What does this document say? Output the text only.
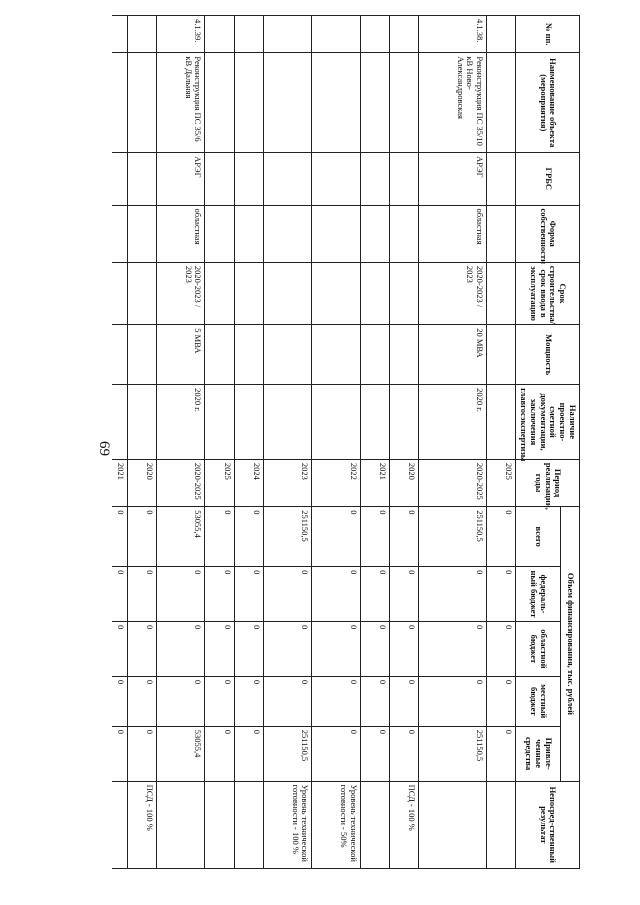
69
№ пп.	Наименование объекта (мероприятия)	ГРБС	Форма собственности	Срок строительства/ срок ввода в эксплуатацию	Мощность	Наличие проектно-сметной документации, заключения главгосэкспертизы	Период реализации, годы	Объем финансирования, тыс. рублей					Непосред-ственный результат
								всего	федераль-ный бюджет	областной бюджет	местный бюджет	Привле-ченные средства	
							2025	0	0	0	0	0	
4.1.38.	Реконструкция ПС 35/10 кВ Ново-Александровская	АРЭГ	областная	2020-2023 / 2023	20 МВА	2020 г.	2020-2025	251150,5	0	0	0	251150,5	
							2020	0	0	0	0	0	ПСД - 100 %
							2021	0	0	0	0	0	
							2022	0	0	0	0	0	Уровень технической готовности - 50%
							2023	251150,5	0	0	0	251150,5	Уровень технической готовности - 100 %
							2024	0	0	0	0	0	
							2025	0	0	0	0	0	
4.1.39.	Реконструкция ПС 35/6 кВ Дальняя	АРЭГ	областная	2020-2023 / 2023	5 МВА	2020 г.	2020-2025	53055,4	0	0	0	53055,4	
							2020	0	0	0	0	0	ПСД - 100 %
							2021	0	0	0	0	0	
